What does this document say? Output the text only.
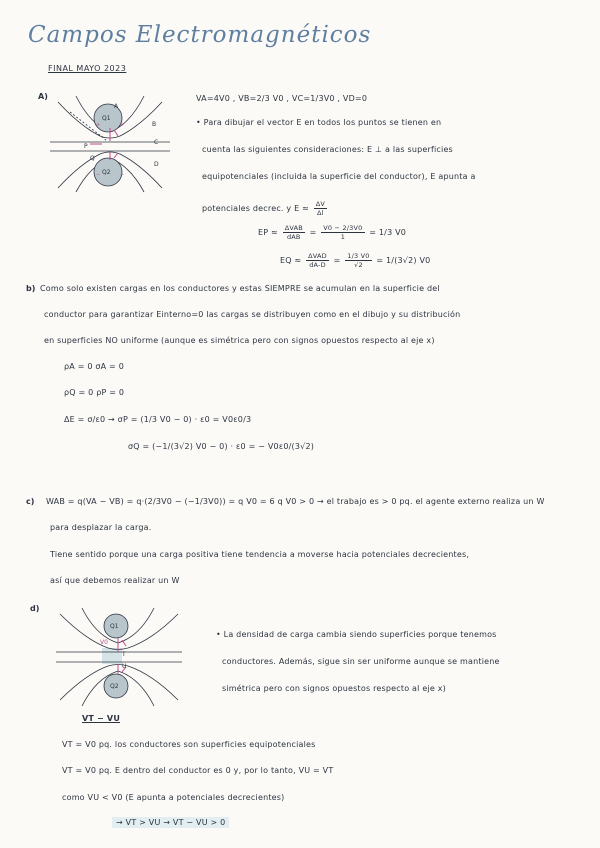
Campos Electromagnéticos
FINAL MAYO 2023
A)
+
+
−
−
Q1
Q2
A
B
C
D
P
Q
VA=4V0 , VB=2/3 V0 , VC=1/3V0 , VD=0
• Para dibujar el vector E en todos los puntos se tienen en
cuenta las siguientes consideraciones: E ⊥ a las superficies
equipotenciales (incluida la superficie del conductor), E apunta a
potenciales decrec. y $E \approx \frac{\Delta V}{\Delta l}$
EP ≈ $\frac{\text{ΔVAB}}{\text{dAB}} = \frac{V0 - 2/3V0}{1} = 1/3$ V0
EQ ≈ $\frac{\text{ΔVAD}}{dA-D} = \frac{1/3 V0}{√2} = 1/(3√2)$ V0
b) Como solo existen cargas en los conductores y estas SIEMPRE se acumulan en la superficie del
conductor para garantizar Einterno=0 las cargas se distribuyen como en el dibujo y su distribución
en superficies NO uniforme (aunque es simétrica pero con signos opuestos respecto al eje x)
ρA = 0 σA = 0
ρQ = 0 ρP = 0
ΔE = σ/ε0 → σP = (1/3 V0 − 0) · ε0 = V0ε0/3
σQ = (−1/(3√2) V0 − 0) · ε0 = − V0ε0/(3√2)
c) WAB = q(VA − VB) = q·(2/3V0 − (−1/3V0)) = q V0 = 6 q V0 > 0 → el trabajo es > 0 pq. el agente externo realiza un W
para desplazar la carga.
Tiene sentido porque una carga positiva tiene tendencia a moverse hacia potenciales decrecientes,
así que debemos realizar un W
d)
Q1
Q2
T
U
V0
• La densidad de carga cambia siendo superficies porque tenemos
conductores. Además, sigue sin ser uniforme aunque se mantiene
simétrica pero con signos opuestos respecto al eje x)
VT − VU
VT = V0 pq. los conductores son superficies equipotenciales
VT = V0 pq. E dentro del conductor es 0 y, por lo tanto, VU = VT
como VU < V0 (E apunta a potenciales decrecientes)
→ VT > VU → VT − VU > 0
